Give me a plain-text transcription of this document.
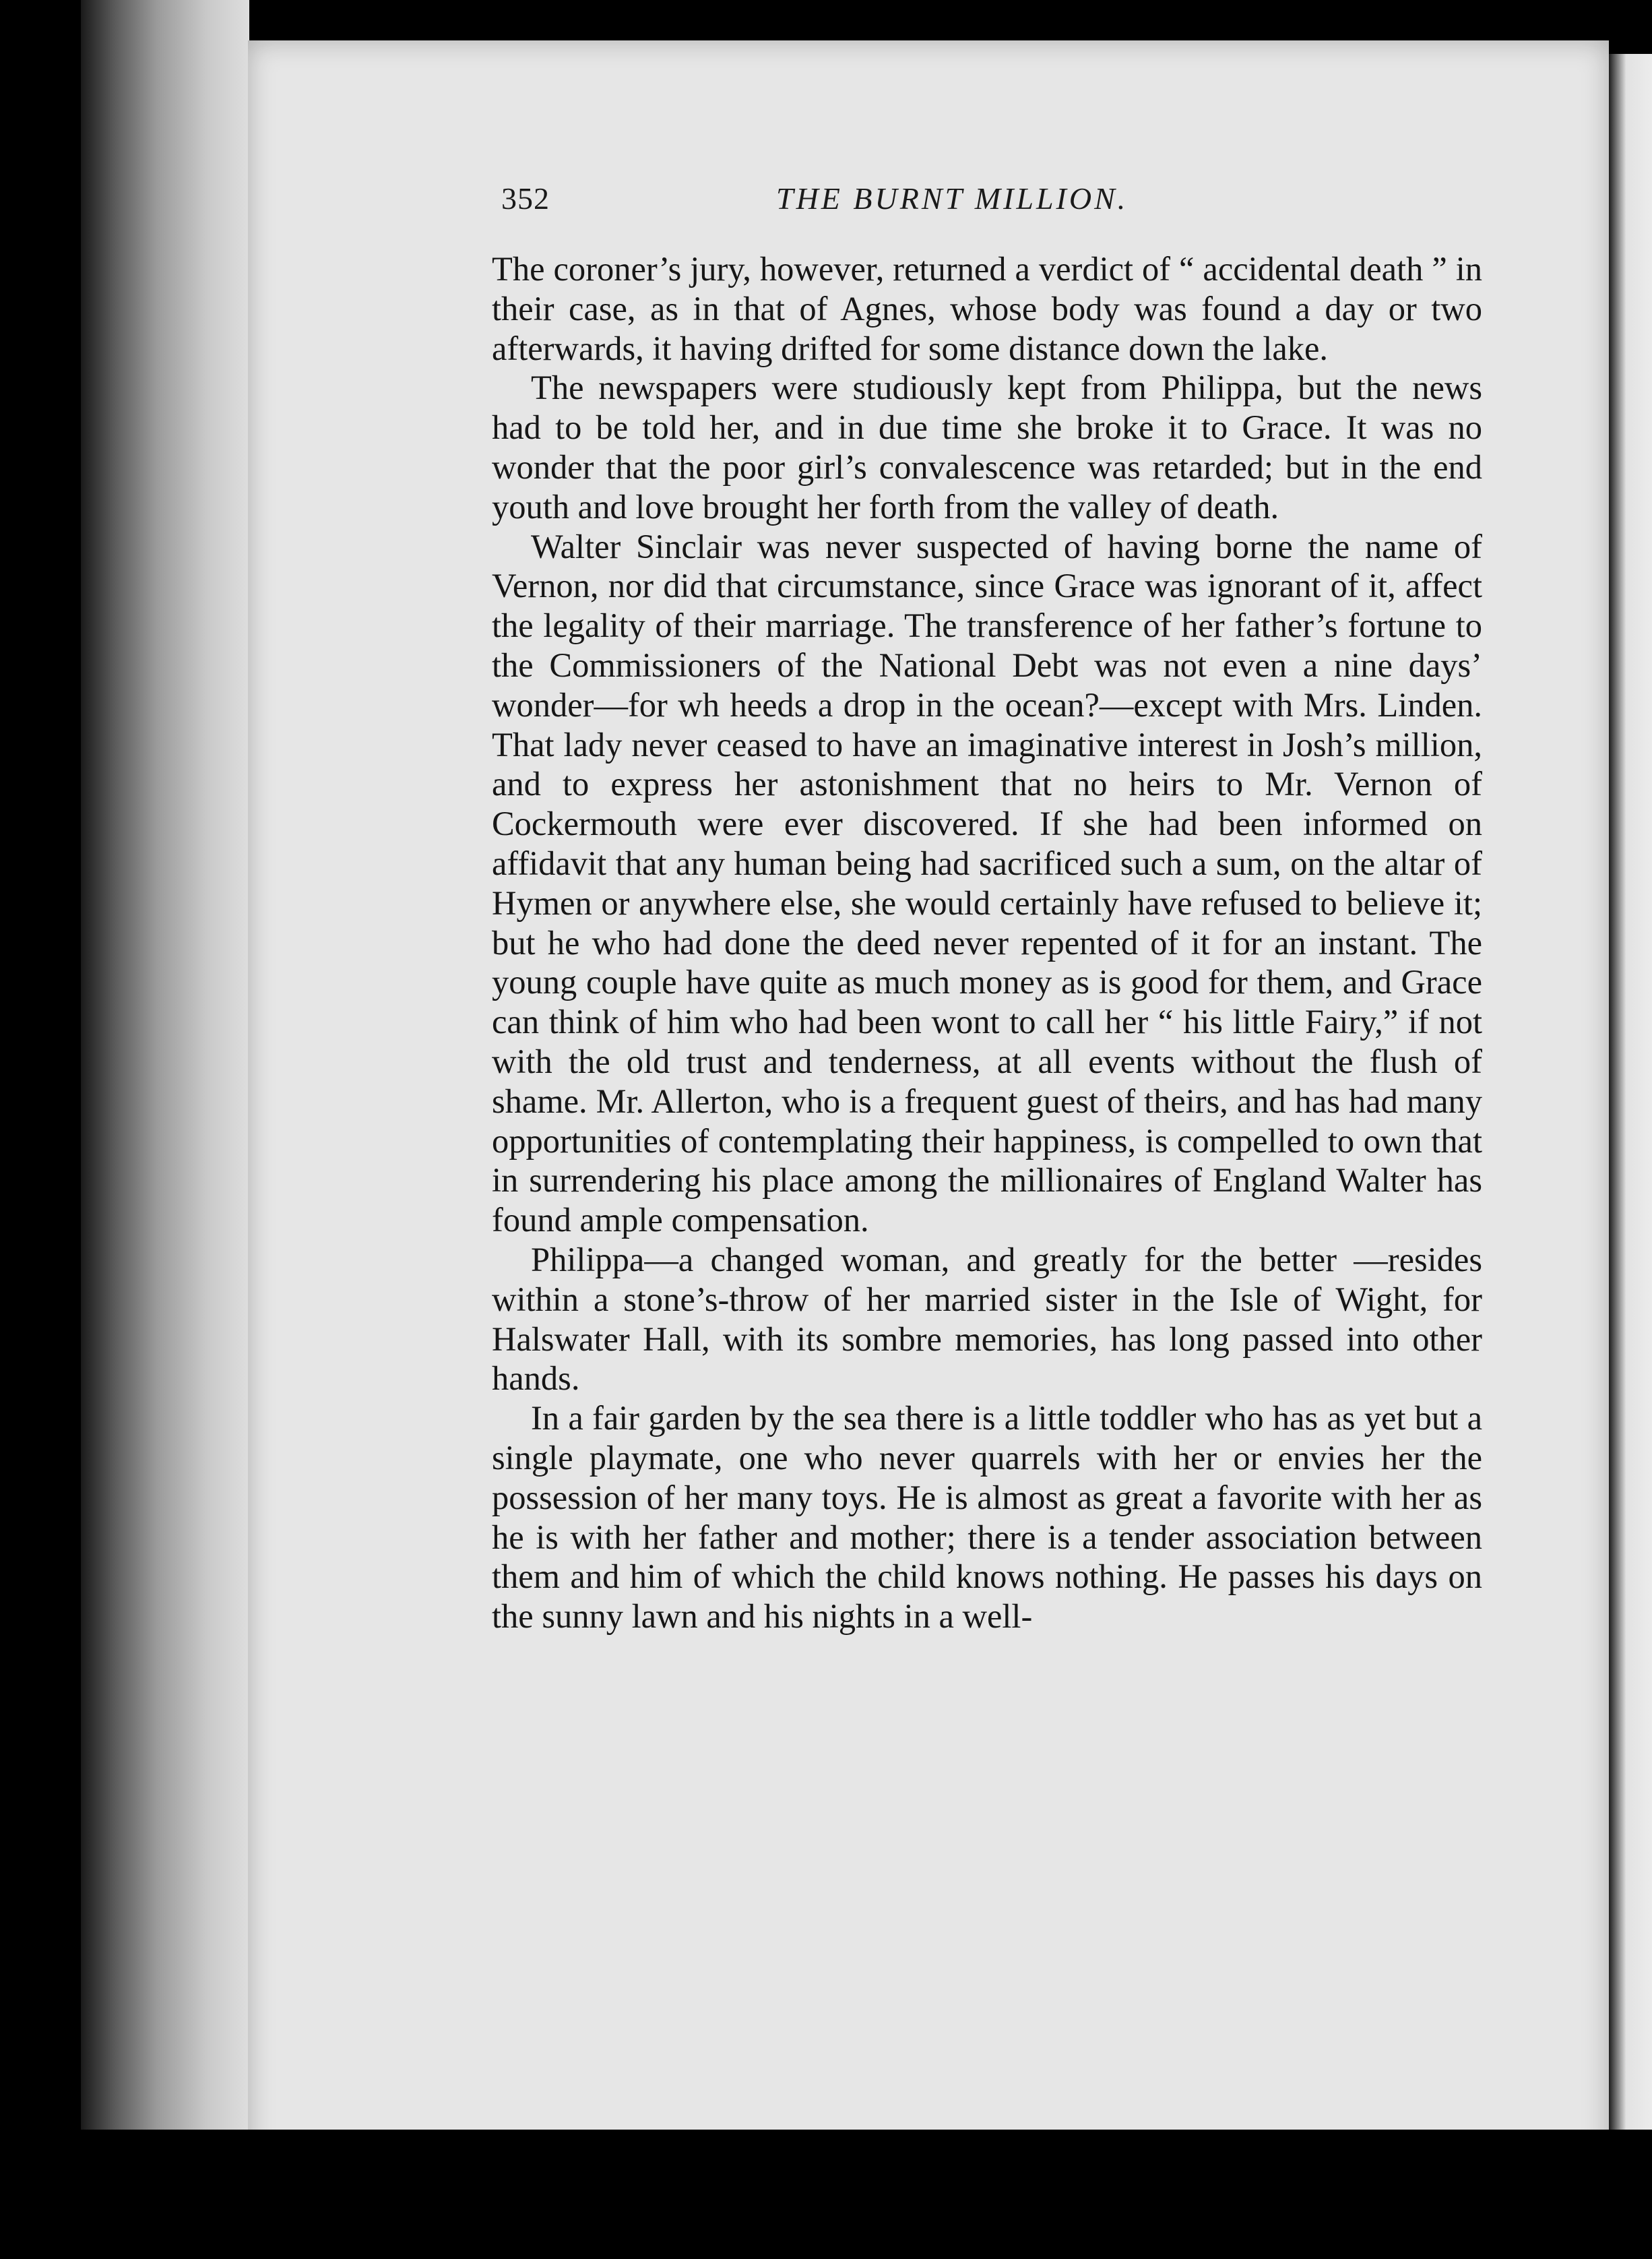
352	THE BURNT MILLION.

The coroner’s jury, however, returned a verdict of “ accidental death ” in their case, as in that of Agnes, whose body was found a day or two afterwards, it having drifted for some distance down the lake.

The newspapers were studiously kept from Philippa, but the news had to be told her, and in due time she broke it to Grace. It was no wonder that the poor girl’s convalescence was retarded; but in the end youth and love brought her forth from the valley of death.

Walter Sinclair was never suspected of having borne the name of Vernon, nor did that circumstance, since Grace was ignorant of it, affect the legality of their marriage. The transference of her father’s fortune to the Commissioners of the National Debt was not even a nine days’ wonder—for wh heeds a drop in the ocean?—except with Mrs. Linden. That lady never ceased to have an imaginative interest in Josh’s million, and to express her astonishment that no heirs to Mr. Vernon of Cockermouth were ever discovered. If she had been informed on affidavit that any human being had sacrificed such a sum, on the altar of Hymen or anywhere else, she would certainly have refused to believe it; but he who had done the deed never repented of it for an instant. The young couple have quite as much money as is good for them, and Grace can think of him who had been wont to call her “ his little Fairy,” if not with the old trust and tenderness, at all events without the flush of shame. Mr. Allerton, who is a frequent guest of theirs, and has had many opportunities of contemplating their happiness, is compelled to own that in surrendering his place among the millionaires of England Walter has found ample compensation.

Philippa—a changed woman, and greatly for the better —resides within a stone’s-throw of her married sister in the Isle of Wight, for Halswater Hall, with its sombre memories, has long passed into other hands.

In a fair garden by the sea there is a little toddler who has as yet but a single playmate, one who never quarrels with her or envies her the possession of her many toys. He is almost as great a favorite with her as he is with her father and mother; there is a tender association between them and him of which the child knows nothing. He passes his days on the sunny lawn and his nights in a well-
